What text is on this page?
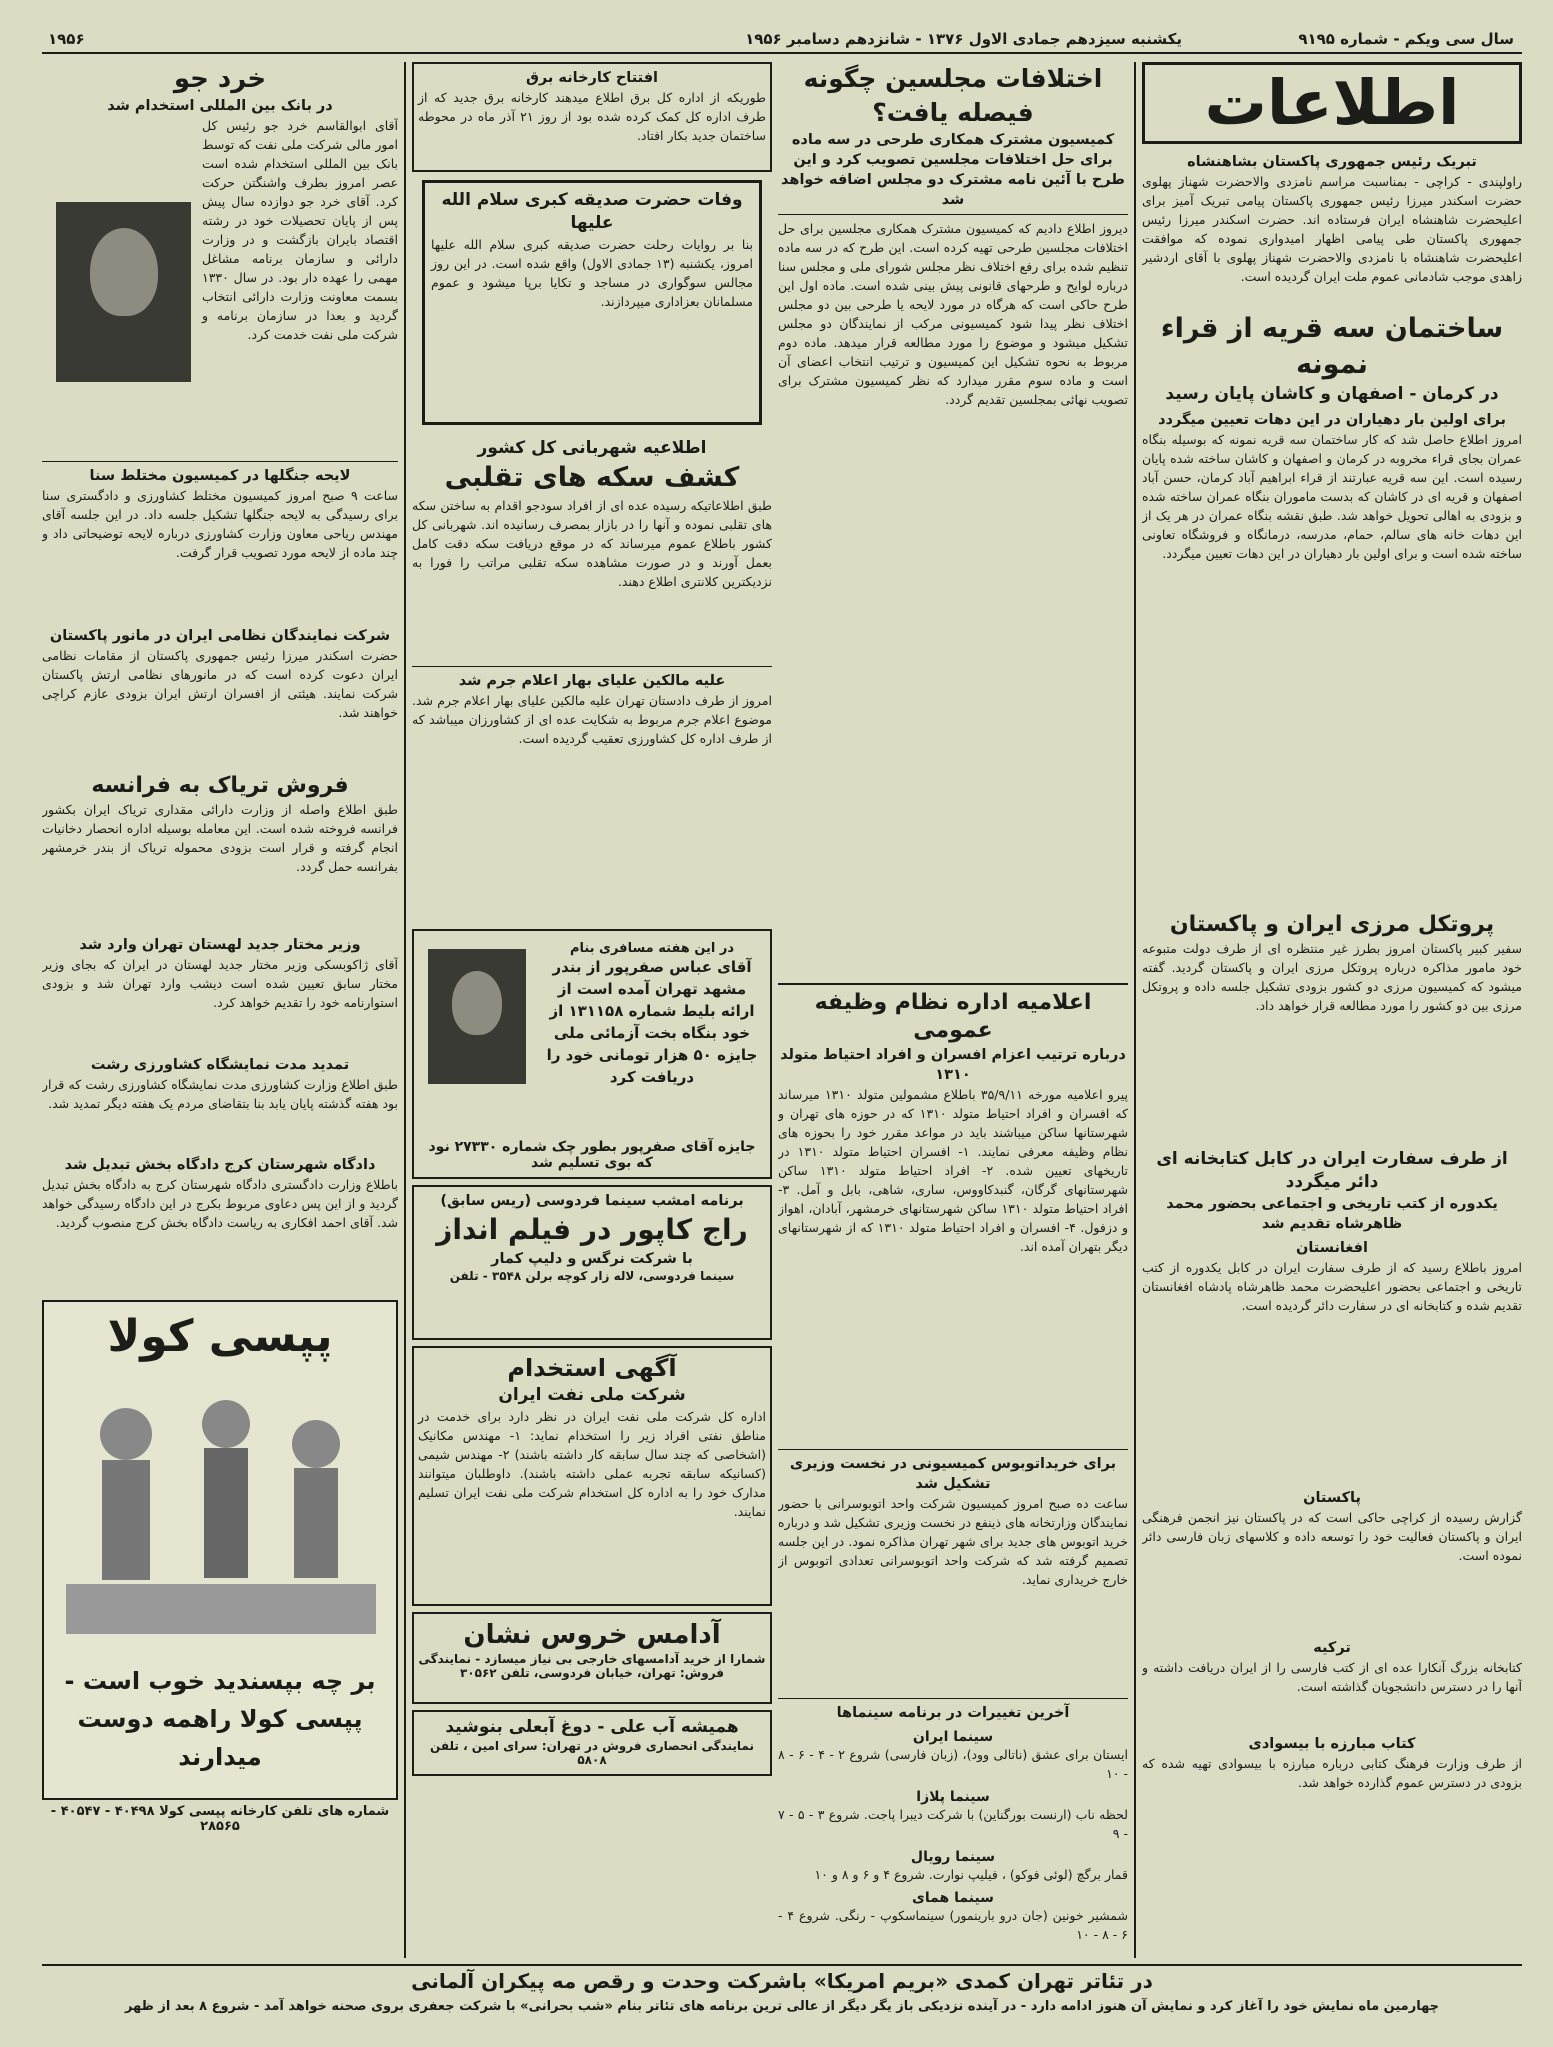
سال سی ویکم - شماره ۹۱۹۵
یکشنبه سیزدهم جمادی الاول ۱۳۷۶ - شانزدهم دسامبر ۱۹۵۶
۱۹۵۶
اطلاعات
تبریک رئیس جمهوری پاکستان بشاهنشاه
راولپندی - کراچی - بمناسبت مراسم نامزدی والاحضرت شهناز پهلوی حضرت اسکندر میرزا رئیس جمهوری پاکستان پیامی تبریک آمیز برای اعلیحضرت شاهنشاه ایران فرستاده اند. حضرت اسکندر میرزا رئیس جمهوری پاکستان طی پیامی اظهار امیدواری نموده که موافقت اعلیحضرت شاهنشاه با نامزدی والاحضرت شهناز پهلوی با آقای اردشیر زاهدی موجب شادمانی عموم ملت ایران گردیده است.
ساختمان سه قریه از قراء نمونه
در کرمان - اصفهان و کاشان پایان رسید
برای اولین بار دهیاران در این دهات تعیین میگردد
امروز اطلاع حاصل شد که کار ساختمان سه قریه نمونه که بوسیله بنگاه عمران بجای قراء مخروبه در کرمان و اصفهان و کاشان ساخته شده پایان رسیده است. این سه قریه عبارتند از قراء ابراهیم آباد کرمان، حسن آباد اصفهان و قریه ای در کاشان که بدست ماموران بنگاه عمران ساخته شده و بزودی به اهالی تحویل خواهد شد. طبق نقشه بنگاه عمران در هر یک از این دهات خانه های سالم، حمام، مدرسه، درمانگاه و فروشگاه تعاونی ساخته شده است و برای اولین بار دهیاران در این دهات تعیین میگردد.
پروتکل مرزی ایران و پاکستان
سفیر کبیر پاکستان امروز بطرز غیر منتظره ای از طرف دولت متبوعه خود مامور مذاکره درباره پروتکل مرزی ایران و پاکستان گردید. گفته میشود که کمیسیون مرزی دو کشور بزودی تشکیل جلسه داده و پروتکل مرزی بین دو کشور را مورد مطالعه قرار خواهد داد.
از طرف سفارت ایران در کابل کتابخانه ای دائر میگردد
یکدوره از کتب تاریخی و اجتماعی بحضور محمد ظاهرشاه تقدیم شد
افغانستان
امروز باطلاع رسید که از طرف سفارت ایران در کابل یکدوره از کتب تاریخی و اجتماعی بحضور اعلیحضرت محمد ظاهرشاه پادشاه افغانستان تقدیم شده و کتابخانه ای در سفارت دائر گردیده است.
پاکستان
گزارش رسیده از کراچی حاکی است که در پاکستان نیز انجمن فرهنگی ایران و پاکستان فعالیت خود را توسعه داده و کلاسهای زبان فارسی دائر نموده است.
ترکیه
کتابخانه بزرگ آنکارا عده ای از کتب فارسی را از ایران دریافت داشته و آنها را در دسترس دانشجویان گذاشته است.
کتاب مبارزه با بیسوادی
از طرف وزارت فرهنگ کتابی درباره مبارزه با بیسوادی تهیه شده که بزودی در دسترس عموم گذارده خواهد شد.
اختلافات مجلسین چگونه فیصله یافت؟
کمیسیون مشترک همکاری طرحی در سه ماده برای حل اختلافات مجلسین تصویب کرد و این طرح با آئین نامه مشترک دو مجلس اضافه خواهد شد
دیروز اطلاع دادیم که کمیسیون مشترک همکاری مجلسین برای حل اختلافات مجلسین طرحی تهیه کرده است. این طرح که در سه ماده تنظیم شده برای رفع اختلاف نظر مجلس شورای ملی و مجلس سنا درباره لوایح و طرحهای قانونی پیش بینی شده است. ماده اول این طرح حاکی است که هرگاه در مورد لایحه یا طرحی بین دو مجلس اختلاف نظر پیدا شود کمیسیونی مرکب از نمایندگان دو مجلس تشکیل میشود و موضوع را مورد مطالعه قرار میدهد. ماده دوم مربوط به نحوه تشکیل این کمیسیون و ترتیب انتخاب اعضای آن است و ماده سوم مقرر میدارد که نظر کمیسیون مشترک برای تصویب نهائی بمجلسین تقدیم گردد.
اعلامیه اداره نظام وظیفه عمومی
درباره ترتیب اعزام افسران و افراد احتیاط متولد ۱۳۱۰
پیرو اعلامیه مورخه ۳۵/۹/۱۱ باطلاع مشمولین متولد ۱۳۱۰ میرساند که افسران و افراد احتیاط متولد ۱۳۱۰ که در حوزه های تهران و شهرستانها ساکن میباشند باید در مواعد مقرر خود را بحوزه های نظام وظیفه معرفی نمایند. ۱- افسران احتیاط متولد ۱۳۱۰ در تاریخهای تعیین شده. ۲- افراد احتیاط متولد ۱۳۱۰ ساکن شهرستانهای گرگان، گنبدکاووس، ساری، شاهی، بابل و آمل. ۳- افراد احتیاط متولد ۱۳۱۰ ساکن شهرستانهای خرمشهر، آبادان، اهواز و دزفول. ۴- افسران و افراد احتیاط متولد ۱۳۱۰ که از شهرستانهای دیگر بتهران آمده اند.
برای خریداتوبوس کمیسیونی در نخست وزیری تشکیل شد
ساعت ده صبح امروز کمیسیون شرکت واحد اتوبوسرانی با حضور نمایندگان وزارتخانه های ذینفع در نخست وزیری تشکیل شد و درباره خرید اتوبوس های جدید برای شهر تهران مذاکره نمود. در این جلسه تصمیم گرفته شد که شرکت واحد اتوبوسرانی تعدادی اتوبوس از خارج خریداری نماید.
آخرین تغییرات در برنامه سینماها
سینما ایران
ایستان برای عشق (ناتالی وود)، (زبان فارسی) شروع ۲ - ۴ - ۶ - ۸ - ۱۰
سینما پلازا
لحظه ناب (ارنست بورگناین) با شرکت دیبرا پاجت. شروع ۳ - ۵ - ۷ - ۹
سینما رویال
قمار برگچ (لوئی فوکو) ، فیلیپ نوارت. شروع ۴ و ۶ و ۸ و ۱۰
سینما همای
شمشیر خونین (جان درو بارینمور) سینماسکوپ - رنگی. شروع ۴ - ۶ - ۸ - ۱۰
افتتاح کارخانه برق
طوریکه از اداره کل برق اطلاع میدهند کارخانه برق جدید که از طرف اداره کل کمک کرده شده بود از روز ۲۱ آذر ماه در محوطه ساختمان جدید بکار افتاد.
وفات حضرت صدیقه کبری سلام الله علیها
بنا بر روایات رحلت حضرت صدیقه کبری سلام الله علیها امروز، یکشنبه (۱۳ جمادی الاول) واقع شده است. در این روز مجالس سوگواری در مساجد و تکایا برپا میشود و عموم مسلمانان بعزاداری میپردازند.
اطلاعیه شهربانی کل کشور
کشف سکه های تقلبی
طبق اطلاعاتیکه رسیده عده ای از افراد سودجو اقدام به ساختن سکه های تقلبی نموده و آنها را در بازار بمصرف رسانیده اند. شهربانی کل کشور باطلاع عموم میرساند که در موقع دریافت سکه دقت کامل بعمل آورند و در صورت مشاهده سکه تقلبی مراتب را فورا به نزدیکترین کلانتری اطلاع دهند.
علیه مالکین علیای بهار اعلام جرم شد
امروز از طرف دادستان تهران علیه مالکین علیای بهار اعلام جرم شد. موضوع اعلام جرم مربوط به شکایت عده ای از کشاورزان میباشد که از طرف اداره کل کشاورزی تعقیب گردیده است.
در این هفته مسافری بنام
آقای عباس صفرپور از بندر مشهد تهران آمده است از ارائه بلیط شماره ۱۳۱۱۵۸ از خود بنگاه بخت آزمائی ملی جایزه ۵۰ هزار تومانی خود را دریافت کرد
جایزه آقای صفرپور بطور چک شماره ۲۷۳۳۰ نود که بوی تسلیم شد
برنامه امشب سینما فردوسی (ریس سابق)
راج کاپور در فیلم انداز
با شرکت نرگس و دلیپ کمار
سینما فردوسی، لاله زار کوچه برلن ۳۵۴۸ - تلفن
آگهی استخدام
شرکت ملی نفت ایران
اداره کل شرکت ملی نفت ایران در نظر دارد برای خدمت در مناطق نفتی افراد زیر را استخدام نماید: ۱- مهندس مکانیک (اشخاصی که چند سال سابقه کار داشته باشند) ۲- مهندس شیمی (کسانیکه سابقه تجربه عملی داشته باشند). داوطلبان میتوانند مدارک خود را به اداره کل استخدام شرکت ملی نفت ایران تسلیم نمایند.
آدامس خروس نشان
شمارا از خرید آدامسهای خارجی بی نیاز میسازد - نمایندگی فروش: تهران، خیابان فردوسی، تلفن ۳۰۵۶۲
همیشه آب علی - دوغ آبعلی بنوشید
نمایندگی انحصاری فروش در تهران: سرای امین ، تلفن ۵۸۰۸
خرد جو
در بانک بین المللی استخدام شد
آقای ابوالقاسم خرد جو رئیس کل امور مالی شرکت ملی نفت که توسط بانک بین المللی استخدام شده است عصر امروز بطرف واشنگتن حرکت کرد. آقای خرد جو دوازده سال پیش پس از پایان تحصیلات خود در رشته اقتصاد بایران بازگشت و در وزارت دارائی و سازمان برنامه مشاغل مهمی را عهده دار بود. در سال ۱۳۳۰ بسمت معاونت وزارت دارائی انتخاب گردید و بعدا در سازمان برنامه و شرکت ملی نفت خدمت کرد.
لایحه جنگلها در کمیسیون مختلط سنا
ساعت ۹ صبح امروز کمیسیون مختلط کشاورزی و دادگستری سنا برای رسیدگی به لایحه جنگلها تشکیل جلسه داد. در این جلسه آقای مهندس ریاحی معاون وزارت کشاورزی درباره لایحه توضیحاتی داد و چند ماده از لایحه مورد تصویب قرار گرفت.
شرکت نمایندگان نظامی ایران در مانور پاکستان
حضرت اسکندر میرزا رئیس جمهوری پاکستان از مقامات نظامی ایران دعوت کرده است که در مانورهای نظامی ارتش پاکستان شرکت نمایند. هیئتی از افسران ارتش ایران بزودی عازم کراچی خواهند شد.
فروش تریاک به فرانسه
طبق اطلاع واصله از وزارت دارائی مقداری تریاک ایران بکشور فرانسه فروخته شده است. این معامله بوسیله اداره انحصار دخانیات انجام گرفته و قرار است بزودی محموله تریاک از بندر خرمشهر بفرانسه حمل گردد.
وزیر مختار جدید لهستان تهران وارد شد
آقای ژاکوبسکی وزیر مختار جدید لهستان در ایران که بجای وزیر مختار سابق تعیین شده است دیشب وارد تهران شد و بزودی استوارنامه خود را تقدیم خواهد کرد.
تمدید مدت نمایشگاه کشاورزی رشت
طبق اطلاع وزارت کشاورزی مدت نمایشگاه کشاورزی رشت که قرار بود هفته گذشته پایان یابد بنا بتقاضای مردم یک هفته دیگر تمدید شد.
دادگاه شهرستان کرج دادگاه بخش تبدیل شد
باطلاع وزارت دادگستری دادگاه شهرستان کرج به دادگاه بخش تبدیل گردید و از این پس دعاوی مربوط بکرج در این دادگاه رسیدگی خواهد شد. آقای احمد افکاری به ریاست دادگاه بخش کرج منصوب گردید.
پپسی کولا
بر چه بپسندید خوب است - پپسی کولا راهمه دوست میدارند
شماره های تلفن کارخانه پپسی کولا ۴۰۴۹۸ - ۴۰۵۴۷ - ۲۸۵۶۵
در تئاتر تهران کمدی «بریم امریکا» باشرکت وحدت و رقص مه پیکران آلمانی
چهارمین ماه نمایش خود را آغاز کرد و نمایش آن هنوز ادامه دارد - در آینده نزدیکی باز یگر دیگر از عالی ترین برنامه های تئاتر بنام «شب بحرانی» با شرکت جعفری بروی صحنه خواهد آمد - شروع ۸ بعد از ظهر
